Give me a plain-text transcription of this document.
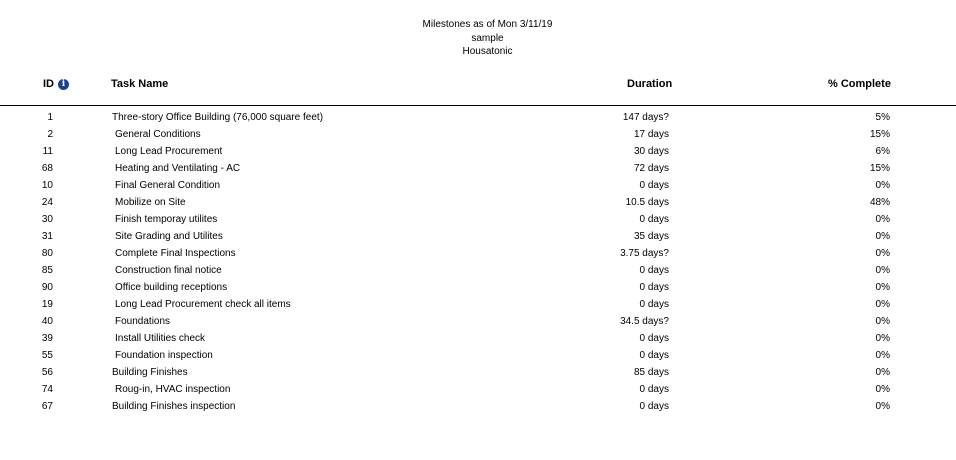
Milestones as of Mon 3/11/19
sample
Housatonic
ID i	Task Name	Duration	% Complete
1	Three-story Office Building (76,000 square feet)	147 days?	5%
2	General Conditions	17 days	15%
11	Long Lead Procurement	30 days	6%
68	Heating and Ventilating - AC	72 days	15%
10	Final General Condition	0 days	0%
24	Mobilize on Site	10.5 days	48%
30	Finish temporay utilites	0 days	0%
31	Site Grading and Utilites	35 days	0%
80	Complete Final Inspections	3.75 days?	0%
85	Construction final notice	0 days	0%
90	Office building receptions	0 days	0%
19	Long Lead Procurement check all items	0 days	0%
40	Foundations	34.5 days?	0%
39	Install Utilities check	0 days	0%
55	Foundation inspection	0 days	0%
56	Building Finishes	85 days	0%
74	Roug-in, HVAC inspection	0 days	0%
67	Building Finishes inspection	0 days	0%
